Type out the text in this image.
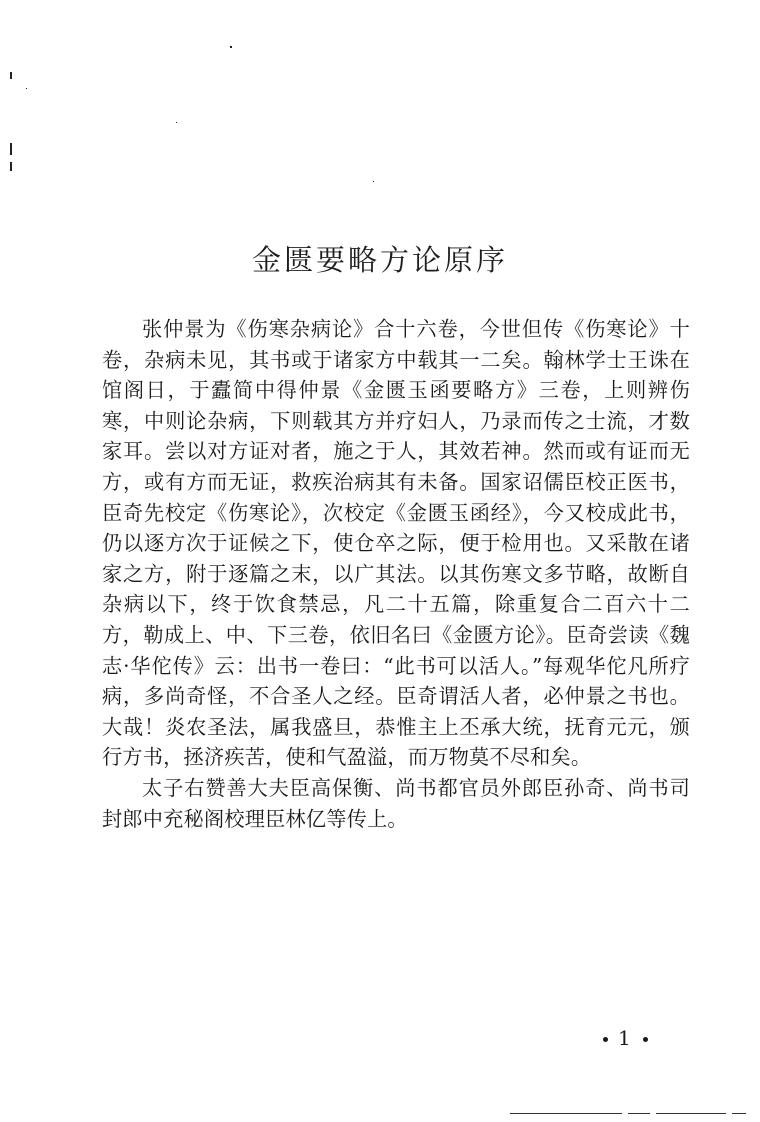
金匮要略方论原序

张仲景为《伤寒杂病论》合十六卷，今世但传《伤寒论》十卷，杂病未见，其书或于诸家方中载其一二矣。翰林学士王诛在馆阁日，于蠹简中得仲景《金匮玉函要略方》三卷，上则辨伤寒，中则论杂病，下则载其方并疗妇人，乃录而传之士流，才数家耳。尝以对方证对者，施之于人，其效若神。然而或有证而无方，或有方而无证，救疾治病其有未备。国家诏儒臣校正医书，臣奇先校定《伤寒论》，次校定《金匮玉函经》，今又校成此书，仍以逐方次于证候之下，使仓卒之际，便于检用也。又采散在诸家之方，附于逐篇之末，以广其法。以其伤寒文多节略，故断自杂病以下，终于饮食禁忌，凡二十五篇，除重复合二百六十二方，勒成上、中、下三卷，依旧名曰《金匮方论》。臣奇尝读《魏志·华佗传》云：出书一卷曰：“此书可以活人。”每观华佗凡所疗病，多尚奇怪，不合圣人之经。臣奇谓活人者，必仲景之书也。大哉！炎农圣法，属我盛旦，恭惟主上丕承大统，抚育元元，颁行方书，拯济疾苦，使和气盈溢，而万物莫不尽和矣。

太子右赞善大夫臣高保衡、尚书都官员外郎臣孙奇、尚书司封郎中充秘阁校理臣林亿等传上。

1
